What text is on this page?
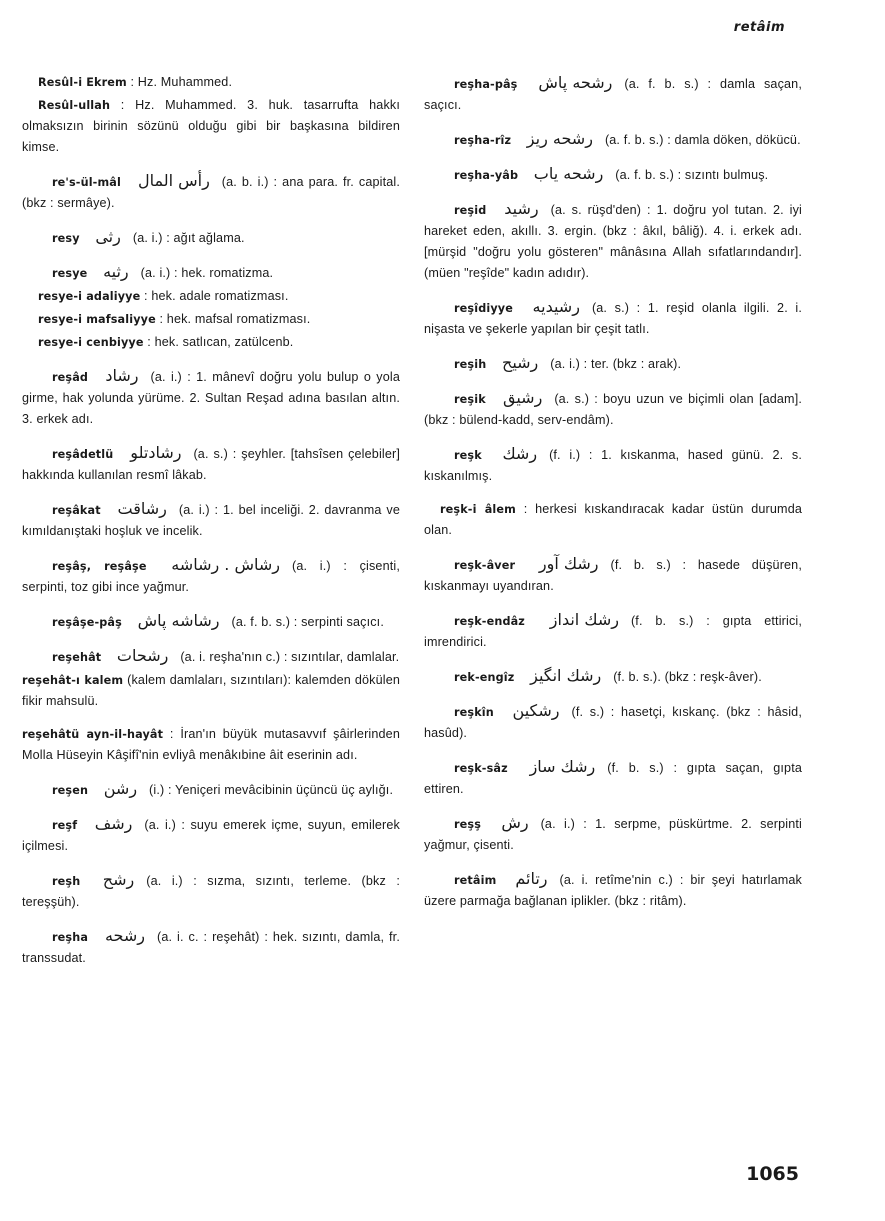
retâim
Resûl-i Ekrem : Hz. Muhammed.
Resûl-ullah : Hz. Muhammed. 3. huk. tasarrufta hakkı olmaksızın birinin sözünü olduğu gibi bir başkasına bildiren kimse.
re's-ül-mâl رأس المال (a. b. i.) : ana para. fr. capital. (bkz : sermâye).
resy رثى (a. i.) : ağıt ağlama.
resye رثيه (a. i.) : hek. romatizma.
resye-i adaliyye : hek. adale romatizması.
resye-i mafsaliyye : hek. mafsal romatizması.
resye-i cenbiyye : hek. satlıcan, zatülcenb.
reşâd رشاد (a. i.) : 1. mânevî doğru yolu bulup o yola girme, hak yolunda yürüme. 2. Sultan Reşad adına basılan altın. 3. erkek adı.
reşâdetlü رشادتلو (a. s.) : şeyhler. [tahsîsen çelebiler] hakkında kullanılan resmî lâkab.
reşâkat رشاقت (a. i.) : 1. bel inceliği. 2. davranma ve kımıldanıştaki hoşluk ve incelik.
reşâş, reşâşe رشاش . رشاشه (a. i.) : çisenti, serpinti, toz gibi ince yağmur.
reşâşe-pâş رشاشه پاش (a. f. b. s.) : serpinti saçıcı.
reşehât رشحات (a. i. reşha'nın c.) : sızıntılar, damlalar.
reşehât-ı kalem (kalem damlaları, sızıntıları): kalemden dökülen fikir mahsulü.
reşehâtü ayn-il-hayât : İran'ın büyük mutasavvıf şâirlerinden Molla Hüseyin Kâşifî'nin evliyâ menâkıbine âit eserinin adı.
reşen رشن (i.) : Yeniçeri mevâcibinin üçüncü üç aylığı.
reşf رشف (a. i.) : suyu emerek içme, suyun, emilerek içilmesi.
reşh رشح (a. i.) : sızma, sızıntı, terleme. (bkz : tereşşüh).
reşha رشحه (a. i. c. : reşehât) : hek. sızıntı, damla, fr. transsudat.
reşha-pâş رشحه پاش (a. f. b. s.) : damla saçan, saçıcı.
reşha-rîz رشحه ريز (a. f. b. s.) : damla döken, dökücü.
reşha-yâb رشحه ياب (a. f. b. s.) : sızıntı bulmuş.
reşid رشيد (a. s. rüşd'den) : 1. doğru yol tutan. 2. iyi hareket eden, akıllı. 3. ergin. (bkz : âkıl, bâliğ). 4. i. erkek adı. [mürşid "doğru yolu gösteren" mânâsına Allah sıfatlarındandır]. (müen "reşîde" kadın adıdır).
reşîdiyye رشيديه (a. s.) : 1. reşid olanla ilgili. 2. i. nişasta ve şekerle yapılan bir çeşit tatlı.
reşih رشيح (a. i.) : ter. (bkz : arak).
reşik رشيق (a. s.) : boyu uzun ve biçimli olan [adam]. (bkz : bülend-kadd, serv-endâm).
reşk رشك (f. i.) : 1. kıskanma, hased günü. 2. s. kıskanılmış.
reşk-i âlem : herkesi kıskandıracak kadar üstün durumda olan.
reşk-âver رشك آور (f. b. s.) : hasede düşüren, kıskanmayı uyandıran.
reşk-endâz رشك انداز (f. b. s.) : gıpta ettirici, imrendirici.
rek-engîz رشك انگيز (f. b. s.). (bkz : reşk-âver).
reşkîn رشكين (f. s.) : hasetçi, kıskanç. (bkz : hâsid, hasûd).
reşk-sâz رشك ساز (f. b. s.) : gıpta saçan, gıpta ettiren.
reşş رش (a. i.) : 1. serpme, püskürtme. 2. serpinti yağmur, çisenti.
retâim رتائم (a. i. retîme'nin c.) : bir şeyi hatırlamak üzere parmağa bağlanan iplikler. (bkz : ritâm).
1065
